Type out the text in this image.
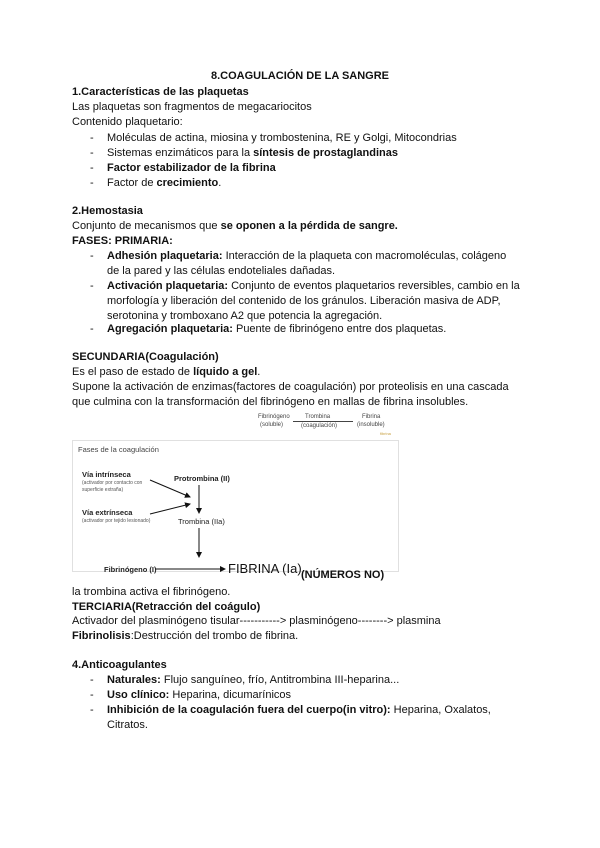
8.COAGULACIÓN DE LA SANGRE
1.Características de las plaquetas
Las plaquetas son fragmentos de megacariocitos
Contenido plaquetario:
- Moléculas de actina, miosina y trombostenina, RE y Golgi, Mitocondrias
- Sistemas enzimáticos para la síntesis de prostaglandinas
- Factor estabilizador de la fibrina
- Factor de crecimiento.
2.Hemostasia
Conjunto de mecanismos que se oponen a la pérdida de sangre.
FASES: PRIMARIA:
- Adhesión plaquetaria: Interacción de la plaqueta con macromoléculas, colágeno de la pared y las células endoteliales dañadas.
- Activación plaquetaria: Conjunto de eventos plaquetarios reversibles, cambio en la morfología y liberación del contenido de los gránulos. Liberación masiva de ADP, serotonina y tromboxano A2 que potencia la agregación.
- Agregación plaquetaria: Puente de fibrinógeno entre dos plaquetas.
SECUNDARIA(Coagulación)
Es el paso de estado de líquido a gel.
Supone la activación de enzimas(factores de coagulación) por proteolisis en una cascada que culmina con la transformación del fibrinógeno en mallas de fibrina insolubles.
Fibrinógeno
(soluble)
Trombina
(coagulación)
Fibrina
(insoluble)
fibrina
Fases de la coagulación
Vía intrínseca
(activador por contacto con superficie extraña)
Vía extrínseca
(activador por tejido lesionado)
Protrombina (II)
Trombina (IIa)
Fibrinógeno (I)	FIBRINA (Ia) (NÚMEROS NO)
la trombina activa el fibrinógeno.
TERCIARIA(Retracción del coágulo)
Activador del plasminógeno tisular-----------> plasminógeno--------> plasmina
Fibrinolisis:Destrucción del trombo de fibrina.
4.Anticoagulantes
- Naturales: Flujo sanguíneo, frío, Antitrombina III-heparina...
- Uso clínico: Heparina, dicumarínicos
- Inhibición de la coagulación fuera del cuerpo(in vitro): Heparina, Oxalatos, Citratos.
